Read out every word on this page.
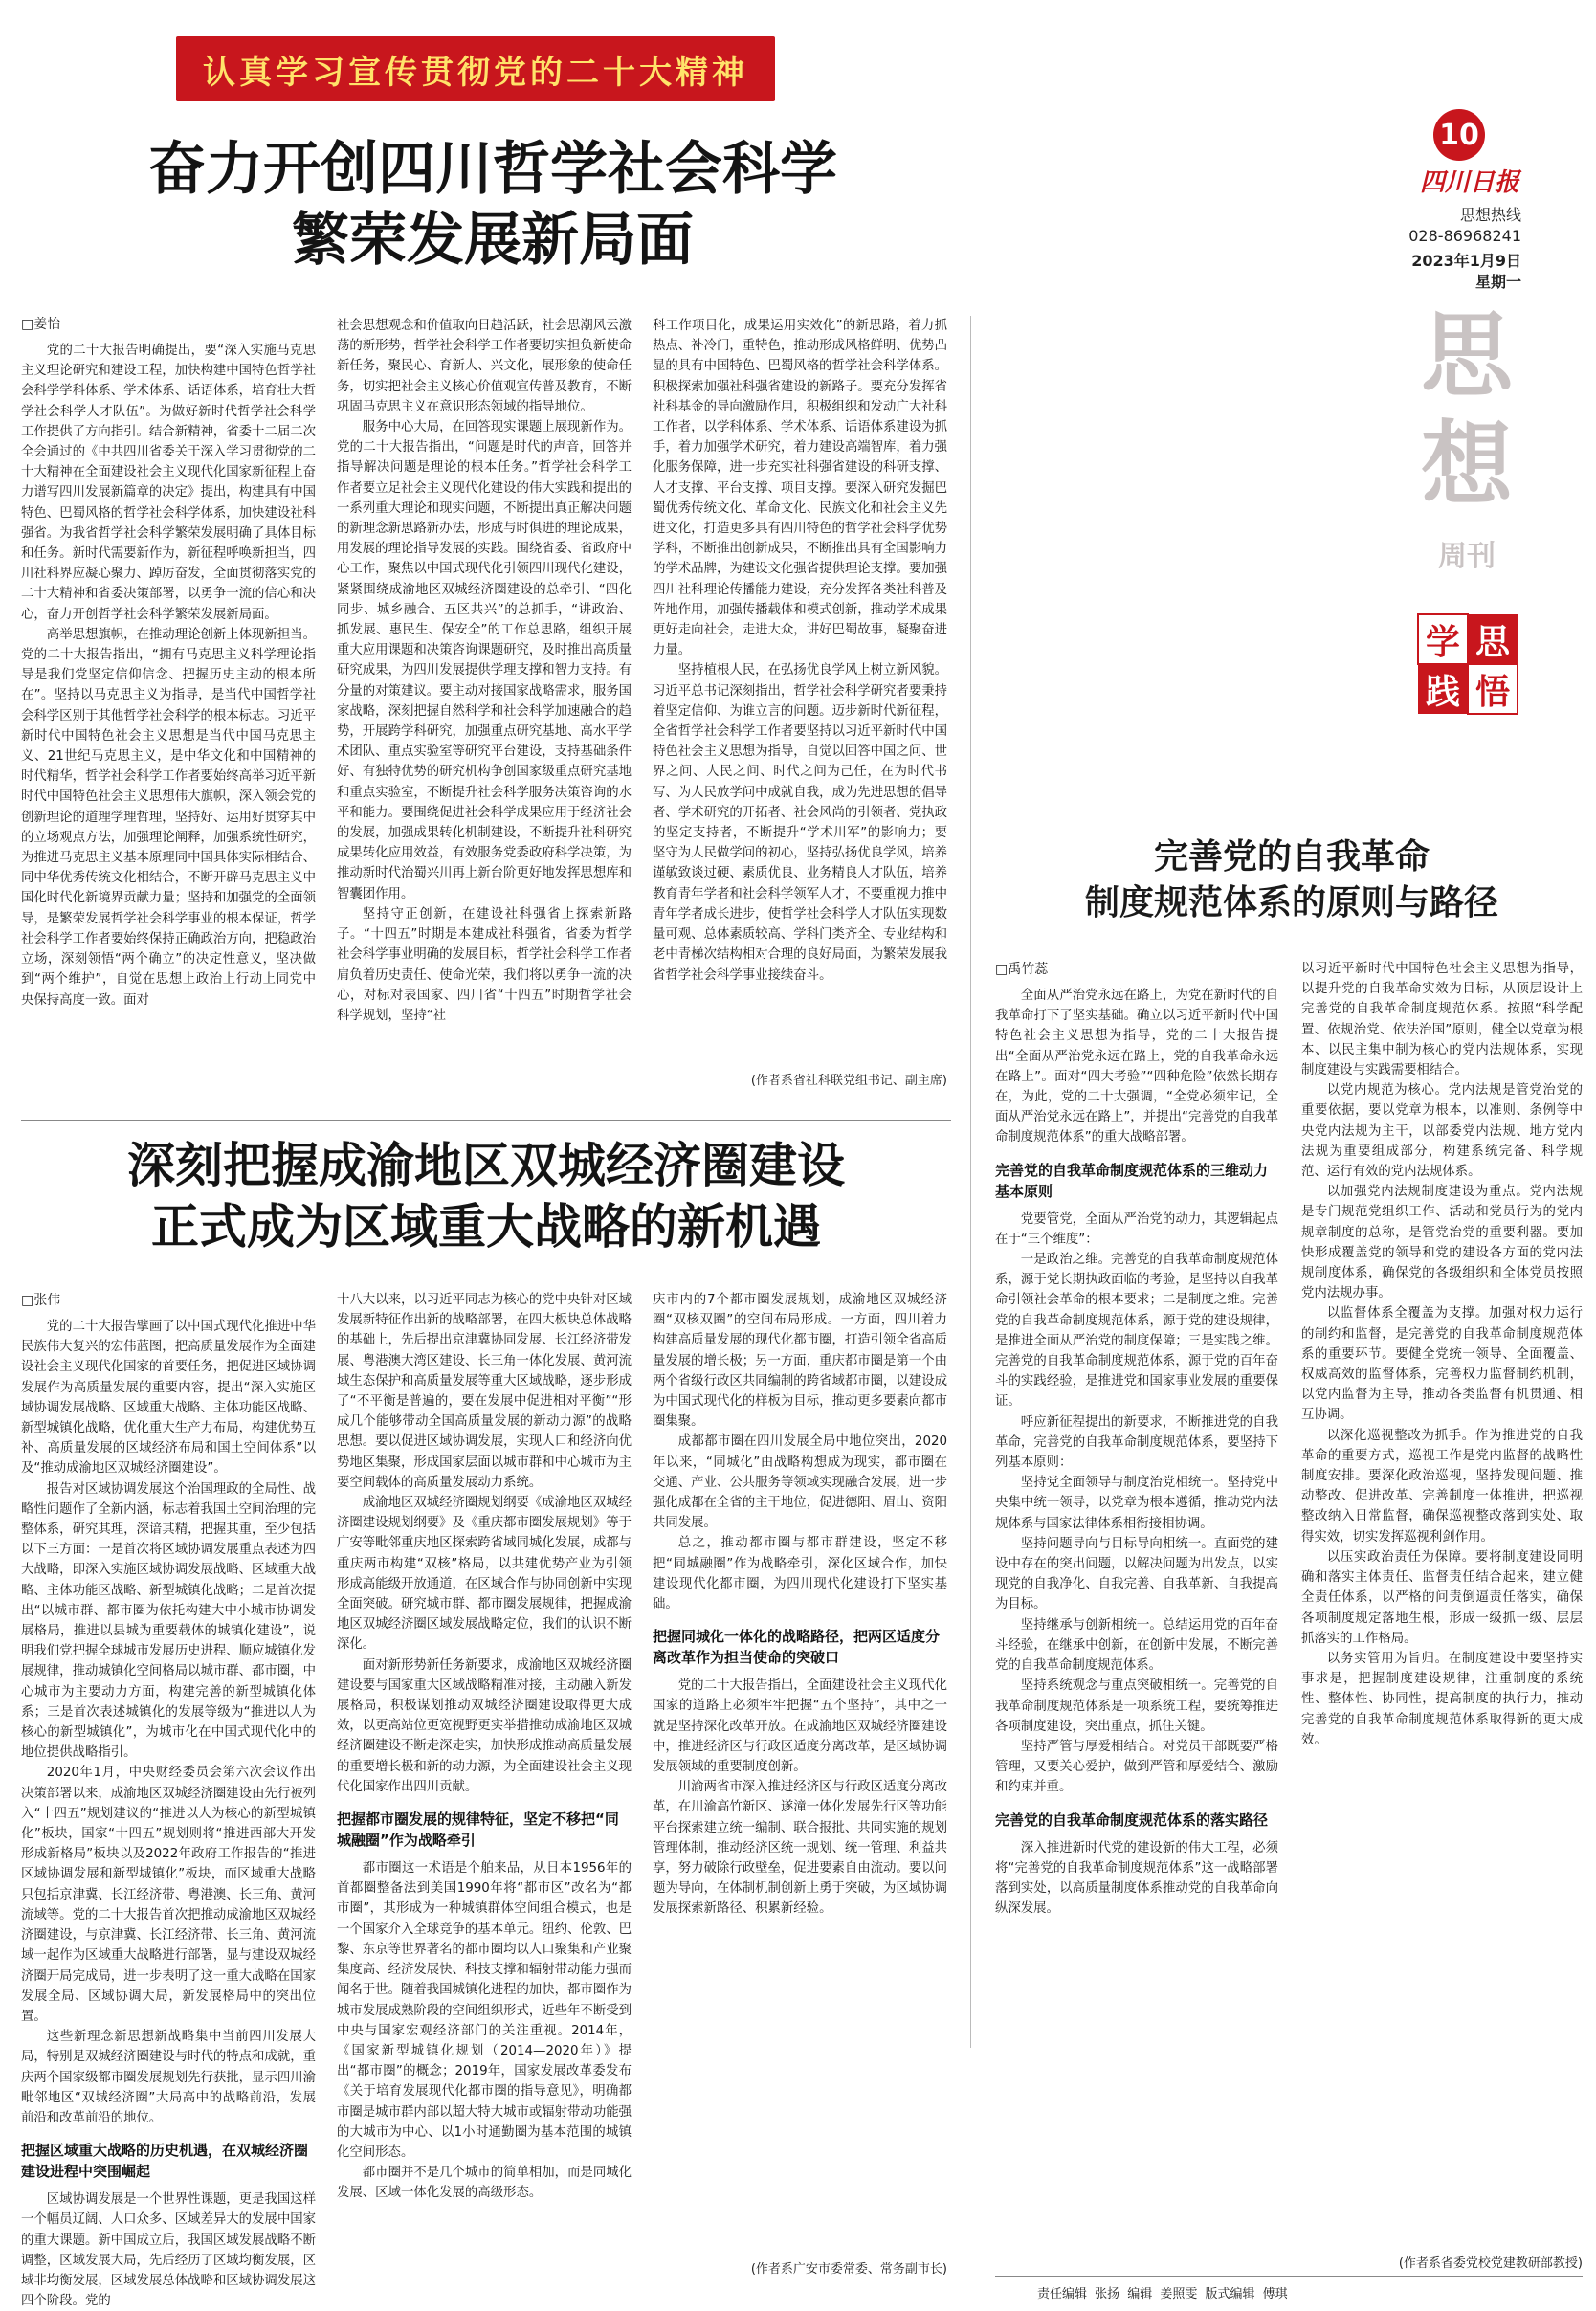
认真学习宣传贯彻党的二十大精神
10
四川日报
思想热线
028-86968241
2023年1月9日
星期一
思
想
周刊
学 思
践 悟
奋力开创四川哲学社会科学
繁荣发展新局面
□姜怡

党的二十大报告明确提出，要“深入实施马克思主义理论研究和建设工程，加快构建中国特色哲学社会科学学科体系、学术体系、话语体系，培育壮大哲学社会科学人才队伍”。为做好新时代哲学社会科学工作提供了方向指引。结合新精神，省委十二届二次全会通过的《中共四川省委关于深入学习贯彻党的二十大精神在全面建设社会主义现代化国家新征程上奋力谱写四川发展新篇章的决定》提出，构建具有中国特色、巴蜀风格的哲学社会科学体系，加快建设社科强省。为我省哲学社会科学繁荣发展明确了具体目标和任务。新时代需要新作为，新征程呼唤新担当，四川社科界应凝心聚力、踔厉奋发，全面贯彻落实党的二十大精神和省委决策部署，以勇争一流的信心和决心，奋力开创哲学社会科学繁荣发展新局面。

高举思想旗帜，在推动理论创新上体现新担当。党的二十大报告指出，“拥有马克思主义科学理论指导是我们党坚定信仰信念、把握历史主动的根本所在”。坚持以马克思主义为指导，是当代中国哲学社会科学区别于其他哲学社会科学的根本标志。习近平新时代中国特色社会主义思想是当代中国马克思主义、21世纪马克思主义，是中华文化和中国精神的时代精华，哲学社会科学工作者要始终高举习近平新时代中国特色社会主义思想伟大旗帜，深入领会党的创新理论的道理学理哲理，坚持好、运用好贯穿其中的立场观点方法，加强理论阐释，加强系统性研究，为推进马克思主义基本原理同中国具体实际相结合、同中华优秀传统文化相结合，不断开辟马克思主义中国化时代化新境界贡献力量；坚持和加强党的全面领导，是繁荣发展哲学社会科学事业的根本保证，哲学社会科学工作者要始终保持正确政治方向，把稳政治立场，深刻领悟“两个确立”的决定性意义，坚决做到“两个维护”，自觉在思想上政治上行动上同党中央保持高度一致。面对

社会思想观念和价值取向日趋活跃，社会思潮风云激荡的新形势，哲学社会科学工作者要切实担负新使命新任务，聚民心、育新人、兴文化，展形象的使命任务，切实把社会主义核心价值观宣传普及教育，不断巩固马克思主义在意识形态领域的指导地位。

服务中心大局，在回答现实课题上展现新作为。党的二十大报告指出，“问题是时代的声音，回答并指导解决问题是理论的根本任务。”哲学社会科学工作者要立足社会主义现代化建设的伟大实践和提出的一系列重大理论和现实问题，不断提出真正解决问题的新理念新思路新办法，形成与时俱进的理论成果，用发展的理论指导发展的实践。围绕省委、省政府中心工作，聚焦以中国式现代化引领四川现代化建设，紧紧围绕成渝地区双城经济圈建设的总牵引、“四化同步、城乡融合、五区共兴”的总抓手，“讲政治、抓发展、惠民生、保安全”的工作总思路，组织开展重大应用课题和决策咨询课题研究，及时推出高质量研究成果，为四川发展提供学理支撑和智力支持。有分量的对策建议。要主动对接国家战略需求，服务国家战略，深刻把握自然科学和社会科学加速融合的趋势，开展跨学科研究，加强重点研究基地、高水平学术团队、重点实验室等研究平台建设，支持基础条件好、有独特优势的研究机构争创国家级重点研究基地和重点实验室，不断提升社会科学服务决策咨询的水平和能力。要围绕促进社会科学成果应用于经济社会的发展，加强成果转化机制建设，不断提升社科研究成果转化应用效益，有效服务党委政府科学决策，为推动新时代治蜀兴川再上新台阶更好地发挥思想库和智囊团作用。

坚持守正创新，在建设社科强省上探索新路子。“十四五”时期是本建成社科强省，省委为哲学社会科学事业明确的发展目标，哲学社会科学工作者肩负着历史责任、使命光荣，我们将以勇争一流的决心，对标对表国家、四川省“十四五”时期哲学社会科学规划，坚持“社

科工作项目化，成果运用实效化”的新思路，着力抓热点、补冷门，重特色，推动形成风格鲜明、优势凸显的具有中国特色、巴蜀风格的哲学社会科学体系。积极探索加强社科强省建设的新路子。要充分发挥省社科基金的导向激励作用，积极组织和发动广大社科工作者，以学科体系、学术体系、话语体系建设为抓手，着力加强学术研究，着力建设高端智库，着力强化服务保障，进一步充实社科强省建设的科研支撑、人才支撑、平台支撑、项目支撑。要深入研究发掘巴蜀优秀传统文化、革命文化、民族文化和社会主义先进文化，打造更多具有四川特色的哲学社会科学优势学科，不断推出创新成果，不断推出具有全国影响力的学术品牌，为建设文化强省提供理论支撑。要加强四川社科理论传播能力建设，充分发挥各类社科普及阵地作用，加强传播载体和模式创新，推动学术成果更好走向社会，走进大众，讲好巴蜀故事，凝聚奋进力量。

坚持植根人民，在弘扬优良学风上树立新风貌。习近平总书记深刻指出，哲学社会科学研究者要秉持着坚定信仰、为谁立言的问题。迈步新时代新征程，全省哲学社会科学工作者要坚持以习近平新时代中国特色社会主义思想为指导，自觉以回答中国之问、世界之问、人民之问、时代之问为己任，在为时代书写、为人民放学问中成就自我，成为先进思想的倡导者、学术研究的开拓者、社会风尚的引领者、党执政的坚定支持者，不断提升“学术川军”的影响力；要坚守为人民做学问的初心，坚持弘扬优良学风，培养谨敏致谈过硬、素质优良、业务精良人才队伍，培养教育青年学者和社会科学领军人才，不要重视力推中青年学者成长进步，使哲学社会科学人才队伍实现数量可观、总体素质较高、学科门类齐全、专业结构和老中青梯次结构相对合理的良好局面，为繁荣发展我省哲学社会科学事业接续奋斗。

(作者系省社科联党组书记、副主席)
深刻把握成渝地区双城经济圈建设
正式成为区域重大战略的新机遇
□张伟

党的二十大报告擘画了以中国式现代化推进中华民族伟大复兴的宏伟蓝图，把高质量发展作为全面建设社会主义现代化国家的首要任务，把促进区域协调发展作为高质量发展的重要内容，提出“深入实施区域协调发展战略、区域重大战略、主体功能区战略、新型城镇化战略，优化重大生产力布局，构建优势互补、高质量发展的区域经济布局和国土空间体系”以及“推动成渝地区双城经济圈建设”。

报告对区域协调发展这个治国理政的全局性、战略性问题作了全新内涵，标志着我国土空间治理的完整体系，研究其理，深谙其精，把握其重，至少包括以下三方面：一是首次将区域协调发展重点表述为四大战略，即深入实施区域协调发展战略、区域重大战略、主体功能区战略、新型城镇化战略；二是首次提出“以城市群、都市圈为依托构建大中小城市协调发展格局，推进以县城为重要载体的城镇化建设”，说明我们党把握全球城市发展历史进程、顺应城镇化发展规律，推动城镇化空间格局以城市群、都市圈，中心城市为主要动力方面，构建完善的新型城镇化体系；三是首次表述城镇化的发展等级为“推进以人为核心的新型城镇化”，为城市化在中国式现代化中的地位提供战略指引。

2020年1月，中央财经委员会第六次会议作出决策部署以来，成渝地区双城经济圈建设由先行被列入“十四五”规划建议的“推进以人为核心的新型城镇化”板块，国家“十四五”规划则将“推进西部大开发形成新格局”板块以及2022年政府工作报告的“推进区域协调发展和新型城镇化”板块，而区域重大战略只包括京津冀、长江经济带、粤港澳、长三角、黄河流域等。党的二十大报告首次把推动成渝地区双城经济圈建设，与京津冀、长江经济带、长三角、黄河流域一起作为区域重大战略进行部署，显与建设双城经济圈开局完成局，进一步表明了这一重大战略在国家发展全局、区域协调大局，新发展格局中的突出位置。

这些新理念新思想新战略集中当前四川发展大局，特别是双城经济圈建设与时代的特点和成就，重庆两个国家级都市圈发展规划先行获批，显示四川渝毗邻地区“双城经济圈”大局高中的战略前沿，发展前沿和改革前沿的地位。

把握区域重大战略的历史机遇，在双城经济圈建设进程中突围崛起

区域协调发展是一个世界性课题，更是我国这样一个幅员辽阔、人口众多、区域差异大的发展中国家的重大课题。新中国成立后，我国区域发展战略不断调整，区域发展大局，先后经历了区域均衡发展，区域非均衡发展，区域发展总体战略和区域协调发展这四个阶段。党的

十八大以来，以习近平同志为核心的党中央针对区域发展新特征作出新的战略部署，在四大板块总体战略的基础上，先后提出京津冀协同发展、长江经济带发展、粤港澳大湾区建设、长三角一体化发展、黄河流域生态保护和高质量发展等重大区域战略，逐步形成了“不平衡是普遍的，要在发展中促进相对平衡”“形成几个能够带动全国高质量发展的新动力源”的战略思想。要以促进区域协调发展，实现人口和经济向优势地区集聚，形成国家层面以城市群和中心城市为主要空间载体的高质量发展动力系统。

成渝地区双城经济圈规划纲要《成渝地区双城经济圈建设规划纲要》及《重庆都市圈发展规划》等于广安等毗邻重庆地区探索跨省域同城化发展，成都与重庆两市构建“双核”格局，以共建优势产业为引领形成高能级开放通道，在区域合作与协同创新中实现全面突破。研究城市群、都市圈发展规律，把握成渝地区双城经济圈区域发展战略定位，我们的认识不断深化。

面对新形势新任务新要求，成渝地区双城经济圈建设要与国家重大区域战略精准对接，主动融入新发展格局，积极谋划推动双城经济圈建设取得更大成效，以更高站位更宽视野更实举措推动成渝地区双城经济圈建设不断走深走实，加快形成推动高质量发展的重要增长极和新的动力源，为全面建设社会主义现代化国家作出四川贡献。

把握都市圈发展的规律特征，坚定不移把“同城融圈”作为战略牵引

都市圈这一术语是个舶来品，从日本1956年的首都圈整备法到美国1990年将“都市区”改名为“都市圈”，其形成为一种城镇群体空间组合模式，也是一个国家介入全球竞争的基本单元。纽约、伦敦、巴黎、东京等世界著名的都市圈均以人口聚集和产业聚集度高、经济发展快、科技支撑和辐射带动能力强而闻名于世。随着我国城镇化进程的加快，都市圈作为城市发展成熟阶段的空间组织形式，近些年不断受到中央与国家宏观经济部门的关注重视。2014年，《国家新型城镇化规划（2014—2020年）》提出“都市圈”的概念；2019年，国家发展改革委发布《关于培育发展现代化都市圈的指导意见》，明确都市圈是城市群内部以超大特大城市或辐射带动功能强的大城市为中心、以1小时通勤圈为基本范围的城镇化空间形态。

都市圈并不是几个城市的简单相加，而是同城化发展、区域一体化发展的高级形态。

庆市内的7个都市圈发展规划，成渝地区双城经济圈“双核双圈”的空间布局形成。一方面，四川着力构建高质量发展的现代化都市圈，打造引领全省高质量发展的增长极；另一方面，重庆都市圈是第一个由两个省级行政区共同编制的跨省域都市圈，以建设成为中国式现代化的样板为目标，推动更多要素向都市圈集聚。

成都都市圈在四川发展全局中地位突出，2020年以来，“同城化”由战略构想成为现实，都市圈在交通、产业、公共服务等领域实现融合发展，进一步强化成都在全省的主干地位，促进德阳、眉山、资阳共同发展。

总之，推动都市圈与都市群建设，坚定不移把“同城融圈”作为战略牵引，深化区域合作，加快建设现代化都市圈，为四川现代化建设打下坚实基础。

把握同城化一体化的战略路径，把两区适度分离改革作为担当使命的突破口

党的二十大报告指出，全面建设社会主义现代化国家的道路上必须牢牢把握“五个坚持”，其中之一就是坚持深化改革开放。在成渝地区双城经济圈建设中，推进经济区与行政区适度分离改革，是区域协调发展领域的重要制度创新。

川渝两省市深入推进经济区与行政区适度分离改革，在川渝高竹新区、遂潼一体化发展先行区等功能平台探索建立统一编制、联合报批、共同实施的规划管理体制，推动经济区统一规划、统一管理、利益共享，努力破除行政壁垒，促进要素自由流动。要以问题为导向，在体制机制创新上勇于突破，为区域协调发展探索新路径、积累新经验。

(作者系广安市委常委、常务副市长)
完善党的自我革命
制度规范体系的原则与路径
□禹竹蕊

全面从严治党永远在路上，为党在新时代的自我革命打下了坚实基础。确立以习近平新时代中国特色社会主义思想为指导，党的二十大报告提出“全面从严治党永远在路上，党的自我革命永远在路上”。面对“四大考验”“四种危险”依然长期存在，为此，党的二十大强调，“全党必须牢记，全面从严治党永远在路上”，并提出“完善党的自我革命制度规范体系”的重大战略部署。

完善党的自我革命制度规范体系的三维动力基本原则

党要管党，全面从严治党的动力，其逻辑起点在于“三个维度”：

一是政治之维。完善党的自我革命制度规范体系，源于党长期执政面临的考验，是坚持以自我革命引领社会革命的根本要求；二是制度之维。完善党的自我革命制度规范体系，源于党的建设规律，是推进全面从严治党的制度保障；三是实践之维。完善党的自我革命制度规范体系，源于党的百年奋斗的实践经验，是推进党和国家事业发展的重要保证。

呼应新征程提出的新要求，不断推进党的自我革命，完善党的自我革命制度规范体系，要坚持下列基本原则：

坚持党全面领导与制度治党相统一。坚持党中央集中统一领导，以党章为根本遵循，推动党内法规体系与国家法律体系相衔接相协调。

坚持问题导向与目标导向相统一。直面党的建设中存在的突出问题，以解决问题为出发点，以实现党的自我净化、自我完善、自我革新、自我提高为目标。

坚持继承与创新相统一。总结运用党的百年奋斗经验，在继承中创新，在创新中发展，不断完善党的自我革命制度规范体系。

坚持系统观念与重点突破相统一。完善党的自我革命制度规范体系是一项系统工程，要统筹推进各项制度建设，突出重点，抓住关键。

坚持严管与厚爱相结合。对党员干部既要严格管理，又要关心爱护，做到严管和厚爱结合、激励和约束并重。

完善党的自我革命制度规范体系的落实路径

深入推进新时代党的建设新的伟大工程，必须将“完善党的自我革命制度规范体系”这一战略部署落到实处，以高质量制度体系推动党的自我革命向纵深发展。

以习近平新时代中国特色社会主义思想为指导，以提升党的自我革命实效为目标，从顶层设计上完善党的自我革命制度规范体系。按照“科学配置、依规治党、依法治国”原则，健全以党章为根本、以民主集中制为核心的党内法规体系，实现制度建设与实践需要相结合。

以党内规范为核心。党内法规是管党治党的重要依据，要以党章为根本，以准则、条例等中央党内法规为主干，以部委党内法规、地方党内法规为重要组成部分，构建系统完备、科学规范、运行有效的党内法规体系。

以加强党内法规制度建设为重点。党内法规是专门规范党组织工作、活动和党员行为的党内规章制度的总称，是管党治党的重要利器。要加快形成覆盖党的领导和党的建设各方面的党内法规制度体系，确保党的各级组织和全体党员按照党内法规办事。

以监督体系全覆盖为支撑。加强对权力运行的制约和监督，是完善党的自我革命制度规范体系的重要环节。要健全党统一领导、全面覆盖、权威高效的监督体系，完善权力监督制约机制，以党内监督为主导，推动各类监督有机贯通、相互协调。

以深化巡视整改为抓手。作为推进党的自我革命的重要方式，巡视工作是党内监督的战略性制度安排。要深化政治巡视，坚持发现问题、推动整改、促进改革、完善制度一体推进，把巡视整改纳入日常监督，确保巡视整改落到实处、取得实效，切实发挥巡视利剑作用。

以压实政治责任为保障。要将制度建设同明确和落实主体责任、监督责任结合起来，建立健全责任体系，以严格的问责倒逼责任落实，确保各项制度规定落地生根，形成一级抓一级、层层抓落实的工作格局。

以务实管用为旨归。在制度建设中要坚持实事求是，把握制度建设规律，注重制度的系统性、整体性、协同性，提高制度的执行力，推动完善党的自我革命制度规范体系取得新的更大成效。

(作者系省委党校党建教研部教授)
责任编辑 张扬 编辑 姜照雯 版式编辑 傅琪
